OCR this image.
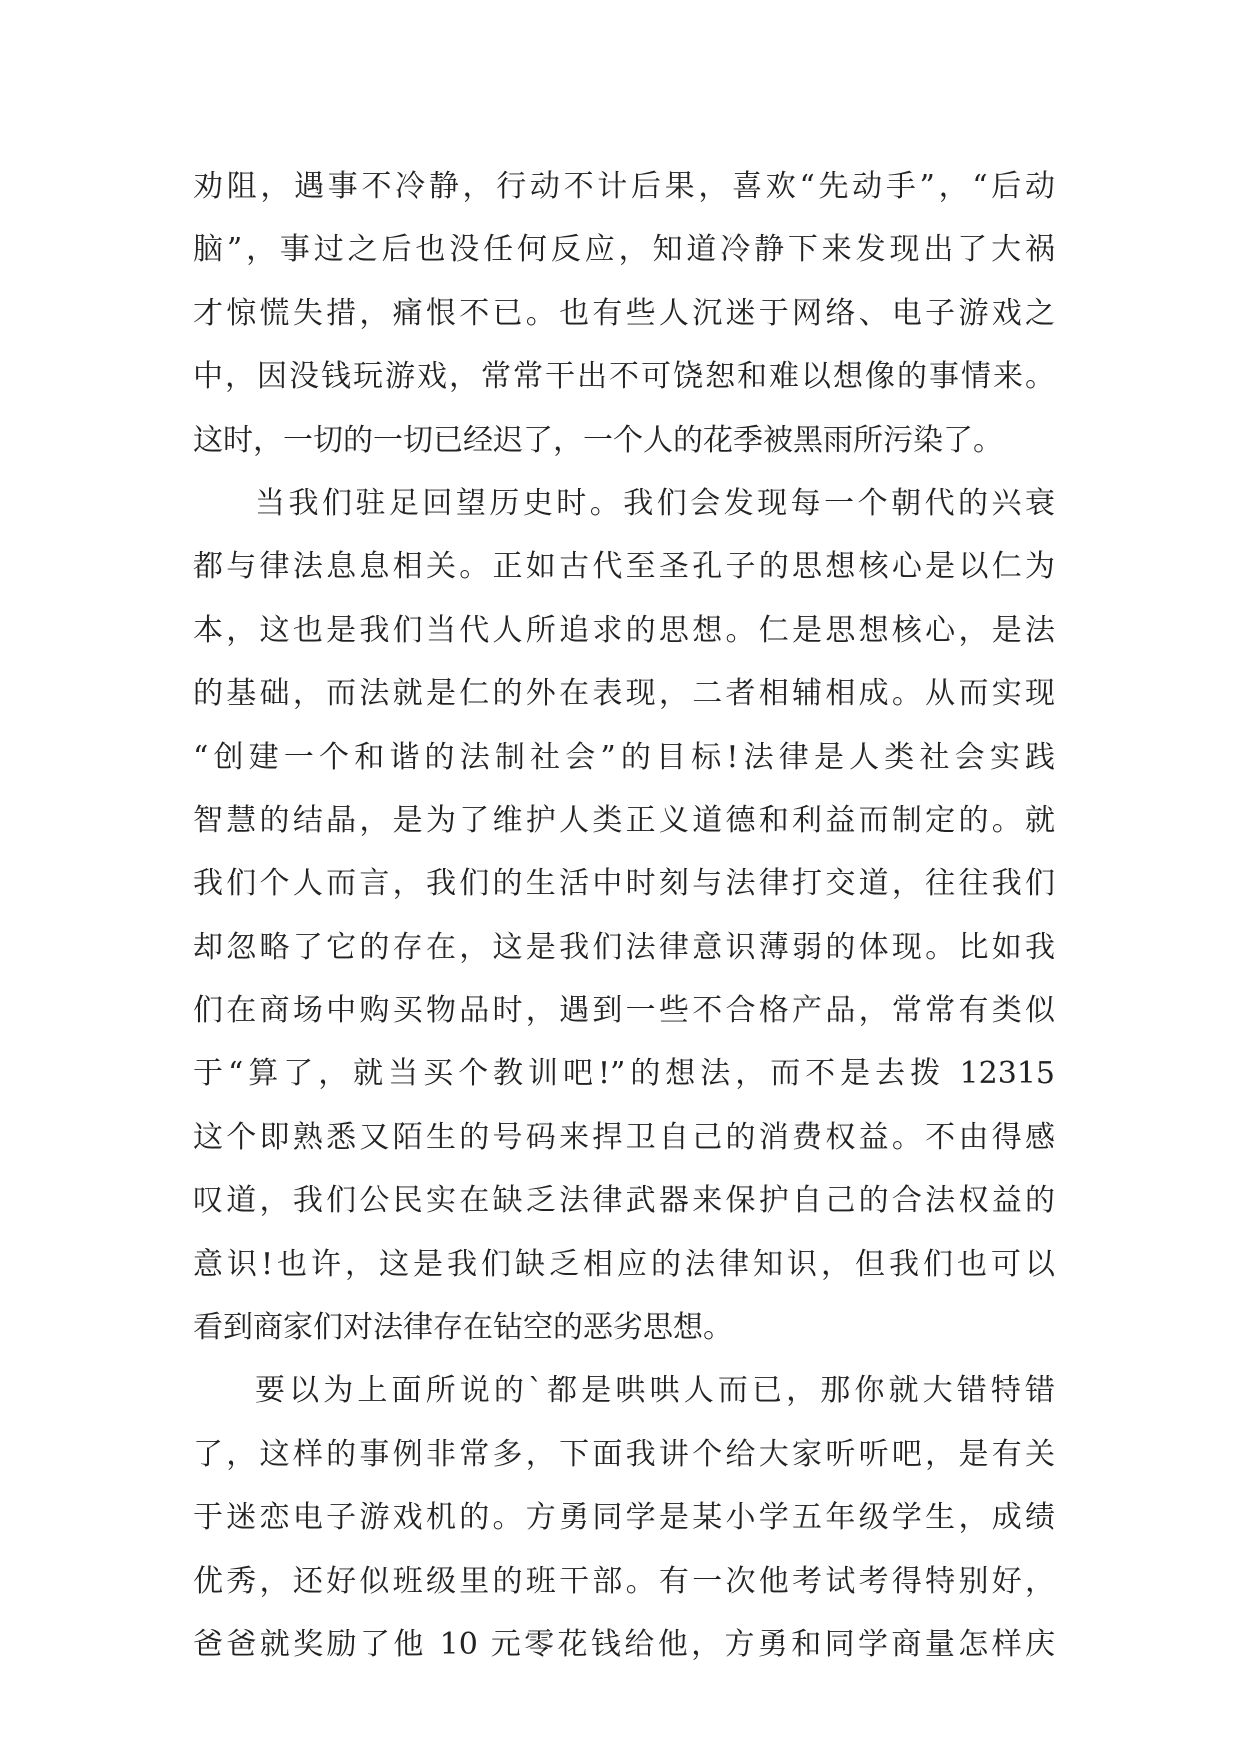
劝阻，遇事不冷静，行动不计后果，喜欢“先动手”，“后动
脑”，事过之后也没任何反应，知道冷静下来发现出了大祸
才惊慌失措，痛恨不已。也有些人沉迷于网络、电子游戏之
中，因没钱玩游戏，常常干出不可饶恕和难以想像的事情来。
这时，一切的一切已经迟了，一个人的花季被黑雨所污染了。
当我们驻足回望历史时。我们会发现每一个朝代的兴衰
都与律法息息相关。正如古代至圣孔子的思想核心是以仁为
本，这也是我们当代人所追求的思想。仁是思想核心，是法
的基础，而法就是仁的外在表现，二者相辅相成。从而实现
“创建一个和谐的法制社会”的目标!法律是人类社会实践
智慧的结晶，是为了维护人类正义道德和利益而制定的。就
我们个人而言，我们的生活中时刻与法律打交道，往往我们
却忽略了它的存在，这是我们法律意识薄弱的体现。比如我
们在商场中购买物品时，遇到一些不合格产品，常常有类似
于“算了，就当买个教训吧!”的想法，而不是去拨 12315
这个即熟悉又陌生的号码来捍卫自己的消费权益。不由得感
叹道，我们公民实在缺乏法律武器来保护自己的合法权益的
意识!也许，这是我们缺乏相应的法律知识，但我们也可以
看到商家们对法律存在钻空的恶劣思想。
要以为上面所说的`都是哄哄人而已，那你就大错特错
了，这样的事例非常多，下面我讲个给大家听听吧，是有关
于迷恋电子游戏机的。方勇同学是某小学五年级学生，成绩
优秀，还好似班级里的班干部。有一次他考试考得特别好，
爸爸就奖励了他 10 元零花钱给他，方勇和同学商量怎样庆
